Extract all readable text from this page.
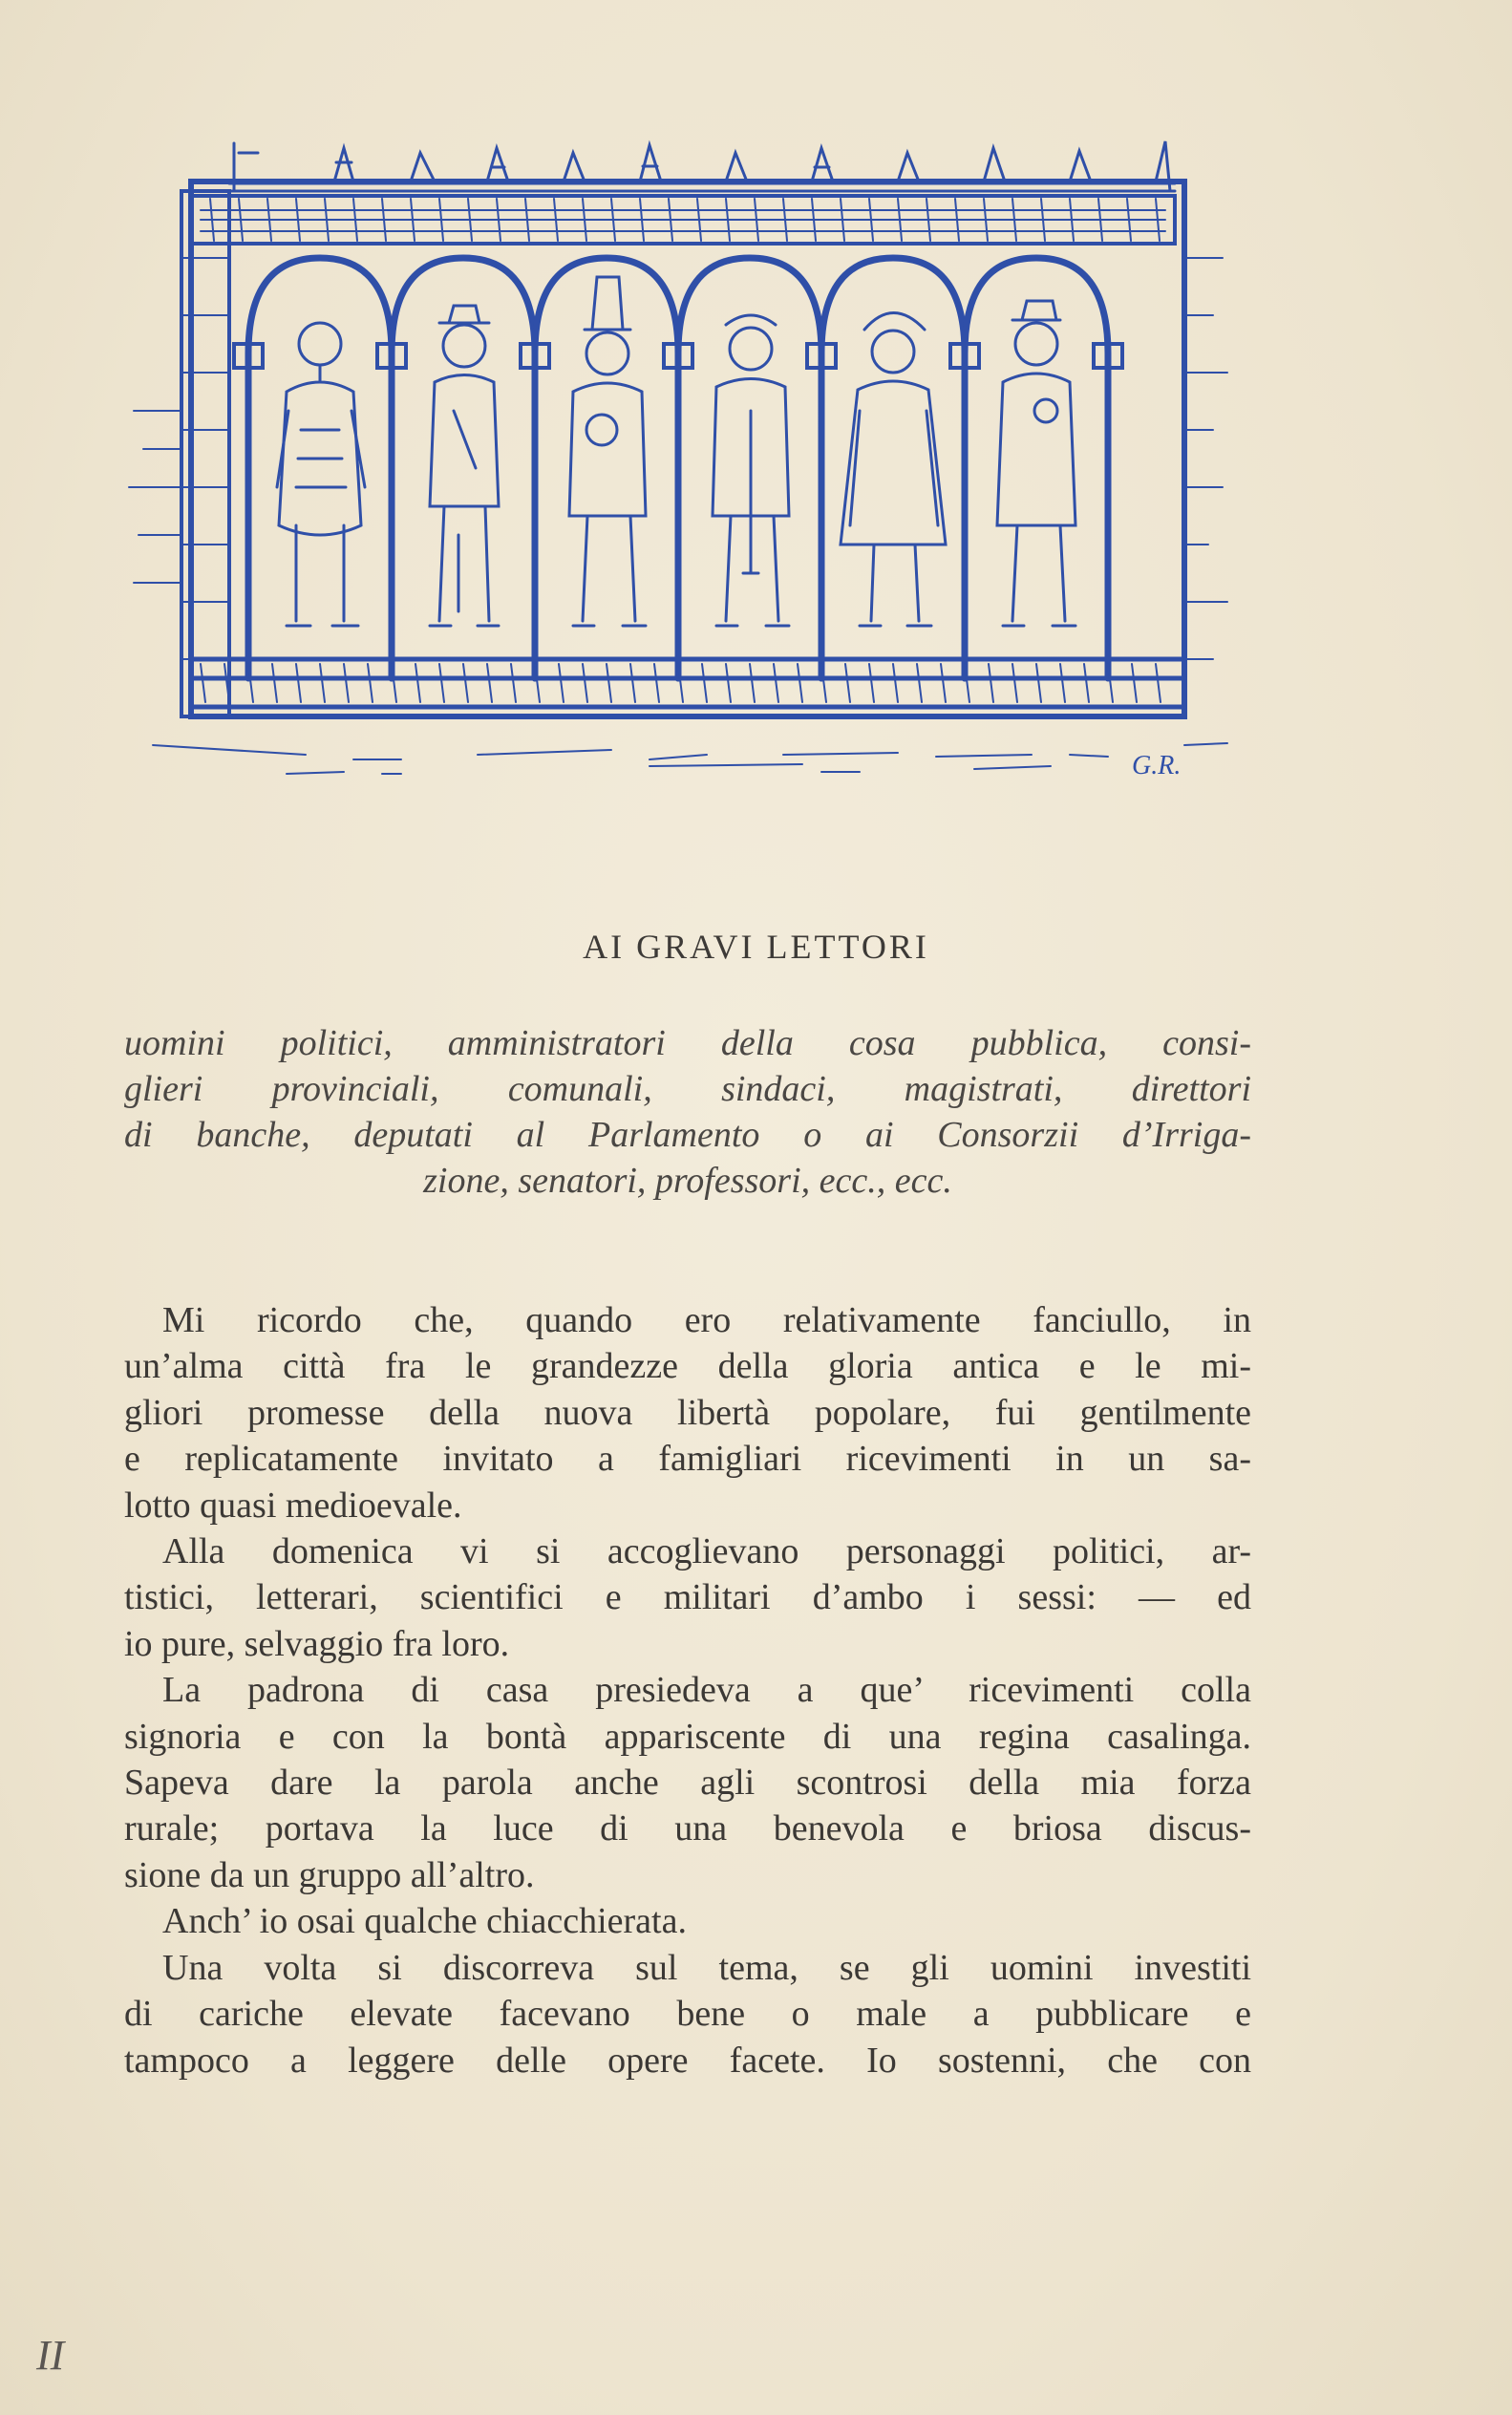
G.R.
AI GRAVI LETTORI
uomini politici, amministratori della cosa pubblica, consi-
glieri provinciali, comunali, sindaci, magistrati, direttori
di banche, deputati al Parlamento o ai Consorzii d’Irriga-
zione, senatori, professori, ecc., ecc.
Mi ricordo che, quando ero relativamente fanciullo, in
un’alma città fra le grandezze della gloria antica e le mi-
gliori promesse della nuova libertà popolare, fui gentilmente
e replicatamente invitato a famigliari ricevimenti in un sa-
lotto quasi medioevale.
Alla domenica vi si accoglievano personaggi politici, ar-
tistici, letterari, scientifici e militari d’ambo i sessi: — ed
io pure, selvaggio fra loro.
La padrona di casa presiedeva a que’ ricevimenti colla
signoria e con la bontà appariscente di una regina casalinga.
Sapeva dare la parola anche agli scontrosi della mia forza
rurale; portava la luce di una benevola e briosa discus-
sione da un gruppo all’altro.
Anch’ io osai qualche chiacchierata.
Una volta si discorreva sul tema, se gli uomini investiti
di cariche elevate facevano bene o male a pubblicare e
tampoco a leggere delle opere facete. Io sostenni, che con
II
